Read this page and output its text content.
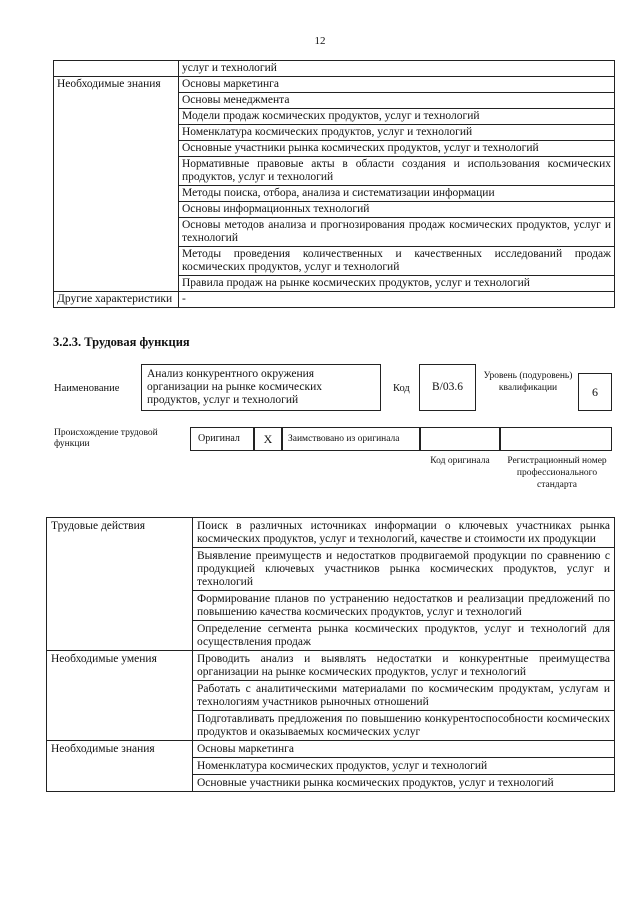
12
	услуг и технологий
Необходимые знания	Основы маркетинга
	Основы менеджмента
	Модели продаж космических продуктов, услуг и технологий
	Номенклатура космических продуктов, услуг и технологий
	Основные участники рынка космических продуктов, услуг и технологий
	Нормативные правовые акты в области создания и использования космических продуктов, услуг и технологий
	Методы поиска, отбора, анализа и систематизации информации
	Основы информационных технологий
	Основы методов анализа и прогнозирования продаж космических продуктов, услуг и технологий
	Методы проведения количественных и качественных исследований продаж космических продуктов, услуг и технологий
	Правила продаж на рынке космических продуктов, услуг и технологий
Другие характеристики	-
3.2.3. Трудовая функция
Наименование
Анализ конкурентного окружения организации на рынке космических продуктов, услуг и технологий
Код	B/03.6
Уровень (подуровень) квалификации	6
Происхождение трудовой функции	Оригинал	X	Заимствовано из оригинала
Код оригинала	Регистрационный номер профессионального стандарта
Трудовые действия	Поиск в различных источниках информации о ключевых участниках рынка космических продуктов, услуг и технологий, качестве и стоимости их продукции
	Выявление преимуществ и недостатков продвигаемой продукции по сравнению с продукцией ключевых участников рынка космических продуктов, услуг и технологий
	Формирование планов по устранению недостатков и реализации предложений по повышению качества космических продуктов, услуг и технологий
	Определение сегмента рынка космических продуктов, услуг и технологий для осуществления продаж
Необходимые умения	Проводить анализ и выявлять недостатки и конкурентные преимущества организации на рынке космических продуктов, услуг и технологий
	Работать с аналитическими материалами по космическим продуктам, услугам и технологиям участников рыночных отношений
	Подготавливать предложения по повышению конкурентоспособности космических продуктов и оказываемых космических услуг
Необходимые знания	Основы маркетинга
	Номенклатура космических продуктов, услуг и технологий
	Основные участники рынка космических продуктов, услуг и технологий
